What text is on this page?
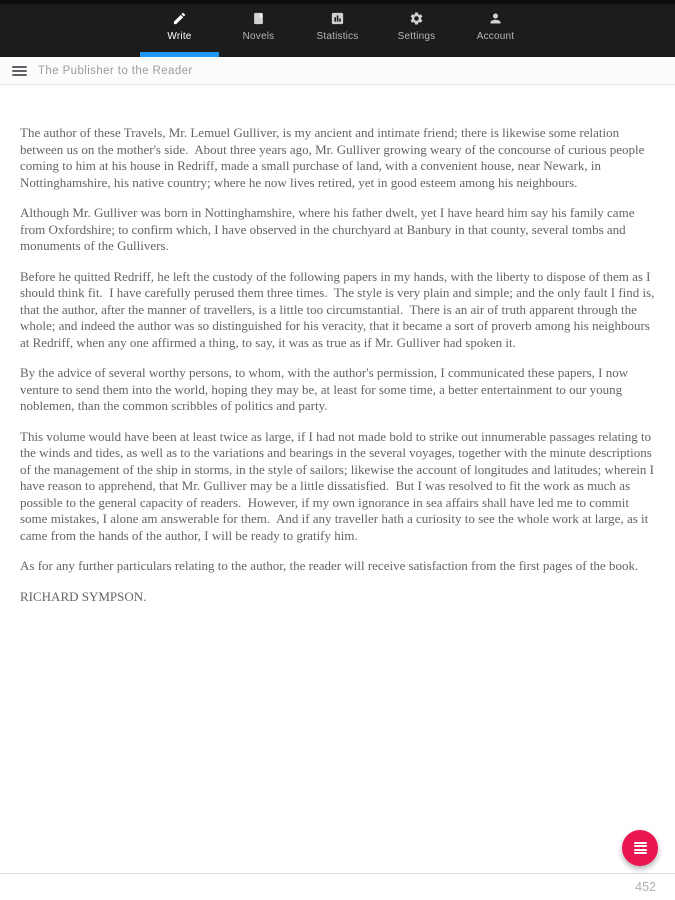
Write	Novels	Statistics	Settings	Account
The Publisher to the Reader

The author of these Travels, Mr. Lemuel Gulliver, is my ancient and intimate friend; there is likewise some relation between us on the mother's side.  About three years ago, Mr. Gulliver growing weary of the concourse of curious people coming to him at his house in Redriff, made a small purchase of land, with a convenient house, near Newark, in Nottinghamshire, his native country; where he now lives retired, yet in good esteem among his neighbours.

Although Mr. Gulliver was born in Nottinghamshire, where his father dwelt, yet I have heard him say his family came from Oxfordshire; to confirm which, I have observed in the churchyard at Banbury in that county, several tombs and monuments of the Gullivers.

Before he quitted Redriff, he left the custody of the following papers in my hands, with the liberty to dispose of them as I should think fit.  I have carefully perused them three times.  The style is very plain and simple; and the only fault I find is, that the author, after the manner of travellers, is a little too circumstantial.  There is an air of truth apparent through the whole; and indeed the author was so distinguished for his veracity, that it became a sort of proverb among his neighbours at Redriff, when any one affirmed a thing, to say, it was as true as if Mr. Gulliver had spoken it.

By the advice of several worthy persons, to whom, with the author's permission, I communicated these papers, I now venture to send them into the world, hoping they may be, at least for some time, a better entertainment to our young noblemen, than the common scribbles of politics and party.

This volume would have been at least twice as large, if I had not made bold to strike out innumerable passages relating to the winds and tides, as well as to the variations and bearings in the several voyages, together with the minute descriptions of the management of the ship in storms, in the style of sailors; likewise the account of longitudes and latitudes; wherein I have reason to apprehend, that Mr. Gulliver may be a little dissatisfied.  But I was resolved to fit the work as much as possible to the general capacity of readers.  However, if my own ignorance in sea affairs shall have led me to commit some mistakes, I alone am answerable for them.  And if any traveller hath a curiosity to see the whole work at large, as it came from the hands of the author, I will be ready to gratify him.

As for any further particulars relating to the author, the reader will receive satisfaction from the first pages of the book.

RICHARD SYMPSON.

452
